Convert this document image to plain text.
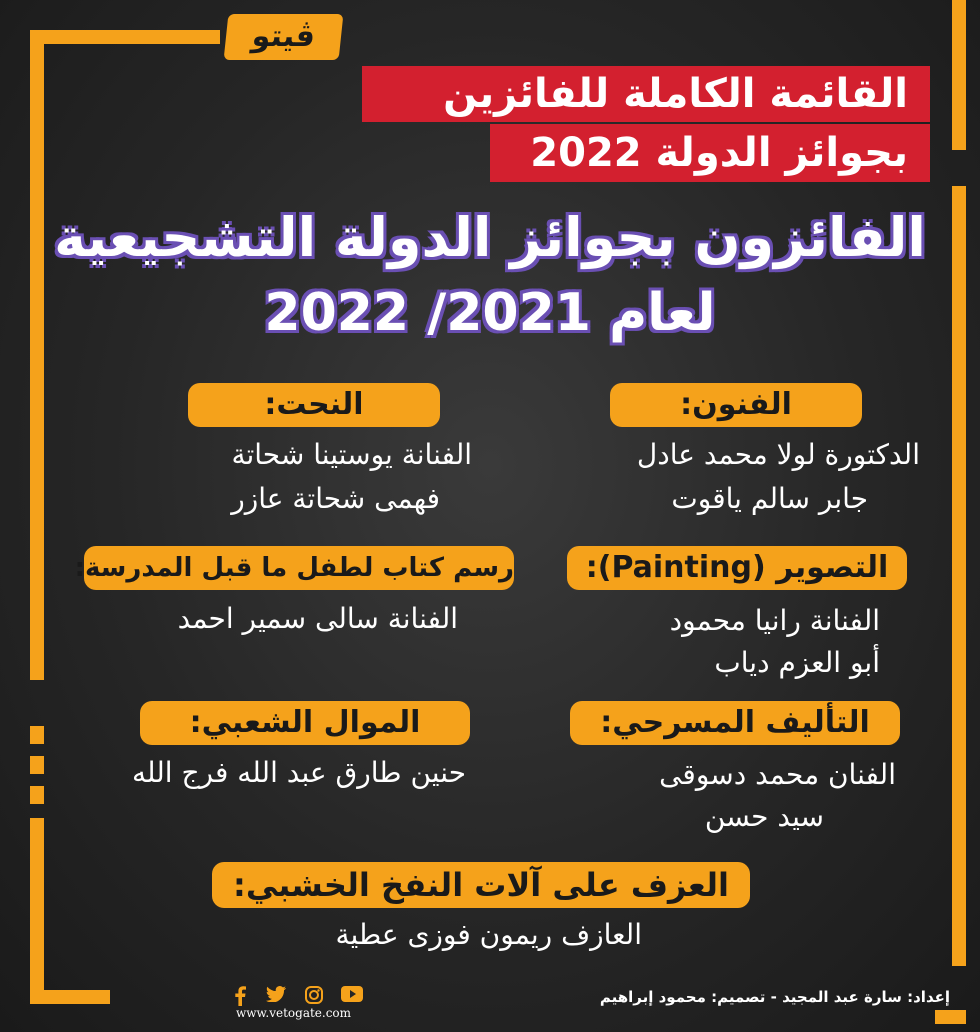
ڤيتو
القائمة الكاملة للفائزين
بجوائز الدولة 2022
الفائزون بجوائز الدولة التشجيعية
لعام 2021/ 2022
الفنون:
الدكتورة لولا محمد عادل
جابر سالم ياقوت
النحت:
الفنانة يوستينا شحاتة
فهمى شحاتة عازر
التصوير (Painting):
الفنانة رانيا محمود
أبو العزم دياب
رسم كتاب لطفل ما قبل المدرسة:
الفنانة سالى سمير احمد
التأليف المسرحي:
الفنان محمد دسوقى
سيد حسن
الموال الشعبي:
حنين طارق عبد الله فرج الله
العزف على آلات النفخ الخشبي:
العازف ريمون فوزى عطية
إعداد: سارة عبد المجيد - تصميم: محمود إبراهيم
www.vetogate.com
